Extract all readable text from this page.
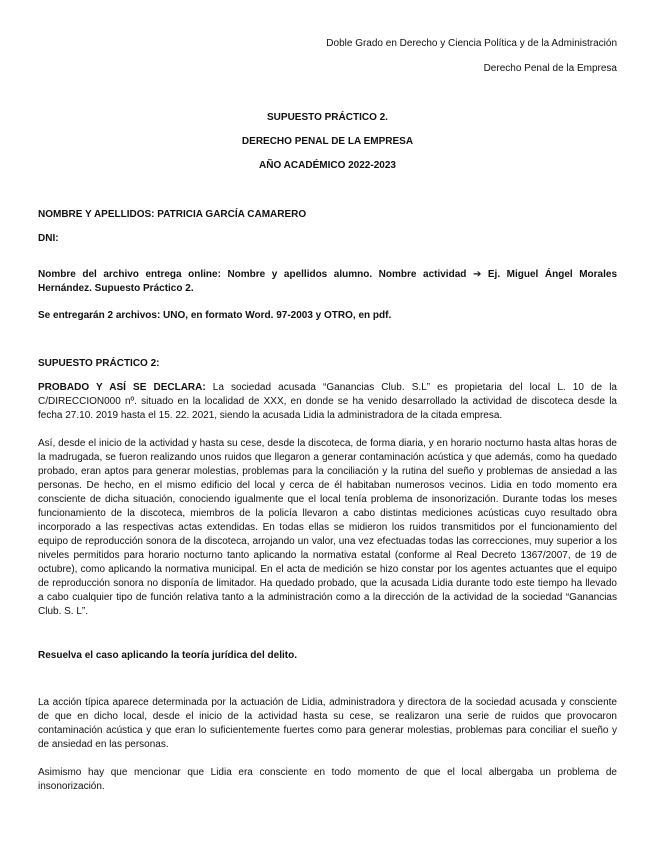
Doble Grado en Derecho y Ciencia Política y de la Administración
Derecho Penal de la Empresa
SUPUESTO PRÁCTICO 2.
DERECHO PENAL DE LA EMPRESA
AÑO ACADÉMICO 2022-2023
NOMBRE Y APELLIDOS: PATRICIA GARCÍA CAMARERO
DNI:
Nombre del archivo entrega online: Nombre y apellidos alumno. Nombre actividad ➔ Ej. Miguel Ángel Morales Hernández. Supuesto Práctico 2.
Se entregarán 2 archivos: UNO, en formato Word. 97-2003 y OTRO, en pdf.
SUPUESTO PRÁCTICO 2:
PROBADO Y ASÍ SE DECLARA: La sociedad acusada “Ganancias Club. S.L” es propietaria del local L. 10 de la C/DIRECCION000 nº. situado en la localidad de XXX, en donde se ha venido desarrollado la actividad de discoteca desde la fecha 27.10. 2019 hasta el 15. 22. 2021, siendo la acusada Lidia la administradora de la citada empresa.
Así, desde el inicio de la actividad y hasta su cese, desde la discoteca, de forma diaria, y en horario nocturno hasta altas horas de la madrugada, se fueron realizando unos ruidos que llegaron a generar contaminación acústica y que además, como ha quedado probado, eran aptos para generar molestias, problemas para la conciliación y la rutina del sueño y problemas de ansiedad a las personas. De hecho, en el mismo edificio del local y cerca de él habitaban numerosos vecinos. Lidia en todo momento era consciente de dicha situación, conociendo igualmente que el local tenía problema de insonorización. Durante todas los meses funcionamiento de la discoteca, miembros de la policía llevaron a cabo distintas mediciones acústicas cuyo resultado obra incorporado a las respectivas actas extendidas. En todas ellas se midieron los ruidos transmitidos por el funcionamiento del equipo de reproducción sonora de la discoteca, arrojando un valor, una vez efectuadas todas las correcciones, muy superior a los niveles permitidos para horario nocturno tanto aplicando la normativa estatal (conforme al Real Decreto 1367/2007, de 19 de octubre), como aplicando la normativa municipal. En el acta de medición se hizo constar por los agentes actuantes que el equipo de reproducción sonora no disponía de limitador. Ha quedado probado, que la acusada Lidia durante todo este tiempo ha llevado a cabo cualquier tipo de función relativa tanto a la administración como a la dirección de la actividad de la sociedad “Ganancias Club. S. L”.
Resuelva el caso aplicando la teoría jurídica del delito.
La acción típica aparece determinada por la actuación de Lidia, administradora y directora de la sociedad acusada y consciente de que en dicho local, desde el inicio de la actividad hasta su cese, se realizaron una serie de ruidos que provocaron contaminación acústica y que eran lo suficientemente fuertes como para generar molestias, problemas para conciliar el sueño y de ansiedad en las personas.
Asimismo hay que mencionar que Lidia era consciente en todo momento de que el local albergaba un problema de insonorización.
